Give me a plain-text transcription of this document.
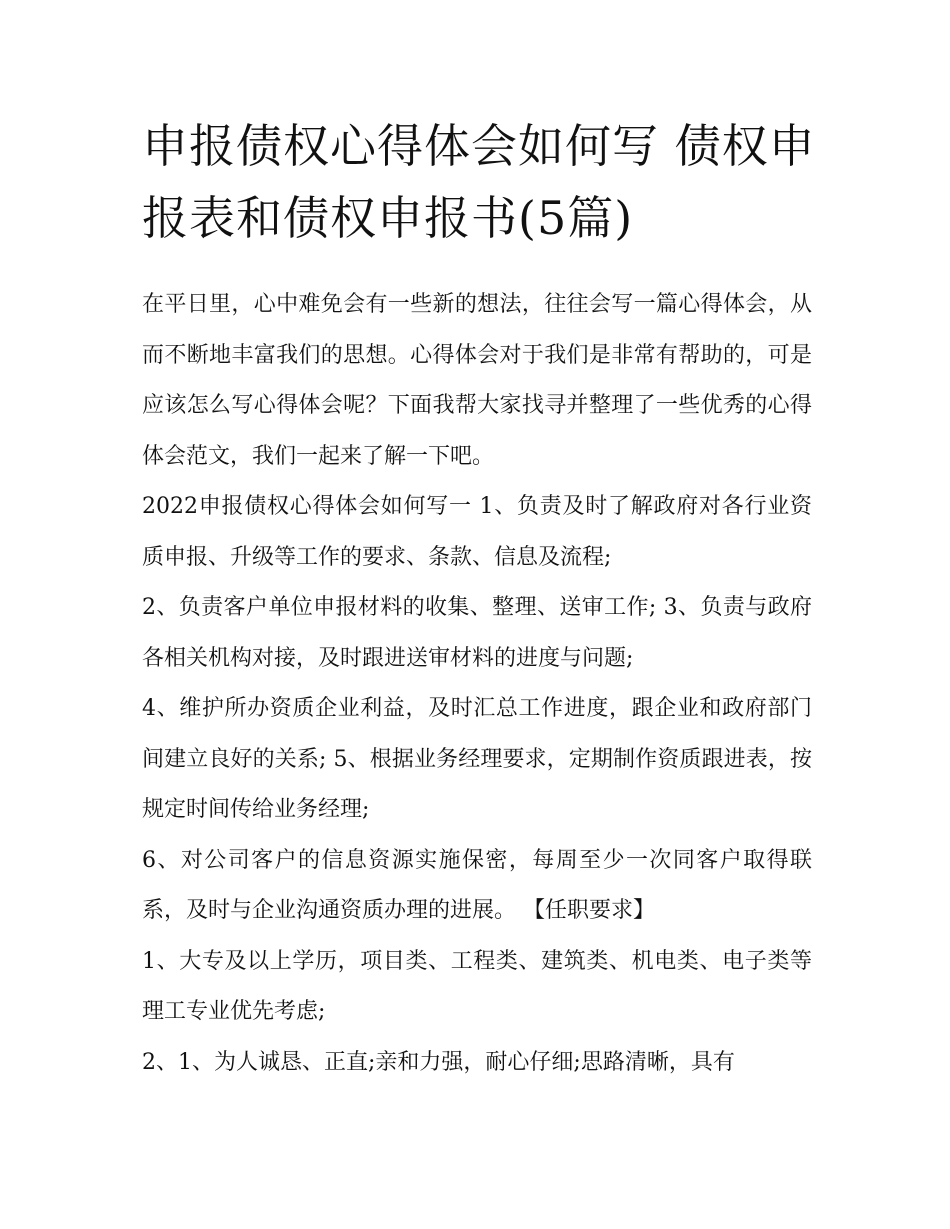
申报债权心得体会如何写 债权申报表和债权申报书(5篇)

在平日里，心中难免会有一些新的想法，往往会写一篇心得体会，从而不断地丰富我们的思想。心得体会对于我们是非常有帮助的，可是应该怎么写心得体会呢？下面我帮大家找寻并整理了一些优秀的心得体会范文，我们一起来了解一下吧。

2022申报债权心得体会如何写一 1、负责及时了解政府对各行业资质申报、升级等工作的要求、条款、信息及流程;

2、负责客户单位申报材料的收集、整理、送审工作; 3、负责与政府各相关机构对接，及时跟进送审材料的进度与问题;

4、维护所办资质企业利益，及时汇总工作进度，跟企业和政府部门间建立良好的关系; 5、根据业务经理要求，定期制作资质跟进表，按规定时间传给业务经理;

6、对公司客户的信息资源实施保密，每周至少一次同客户取得联系，及时与企业沟通资质办理的进展。 【任职要求】

1、大专及以上学历，项目类、工程类、建筑类、机电类、电子类等理工专业优先考虑;

2、1、为人诚恳、正直;亲和力强，耐心仔细;思路清晰，具有
